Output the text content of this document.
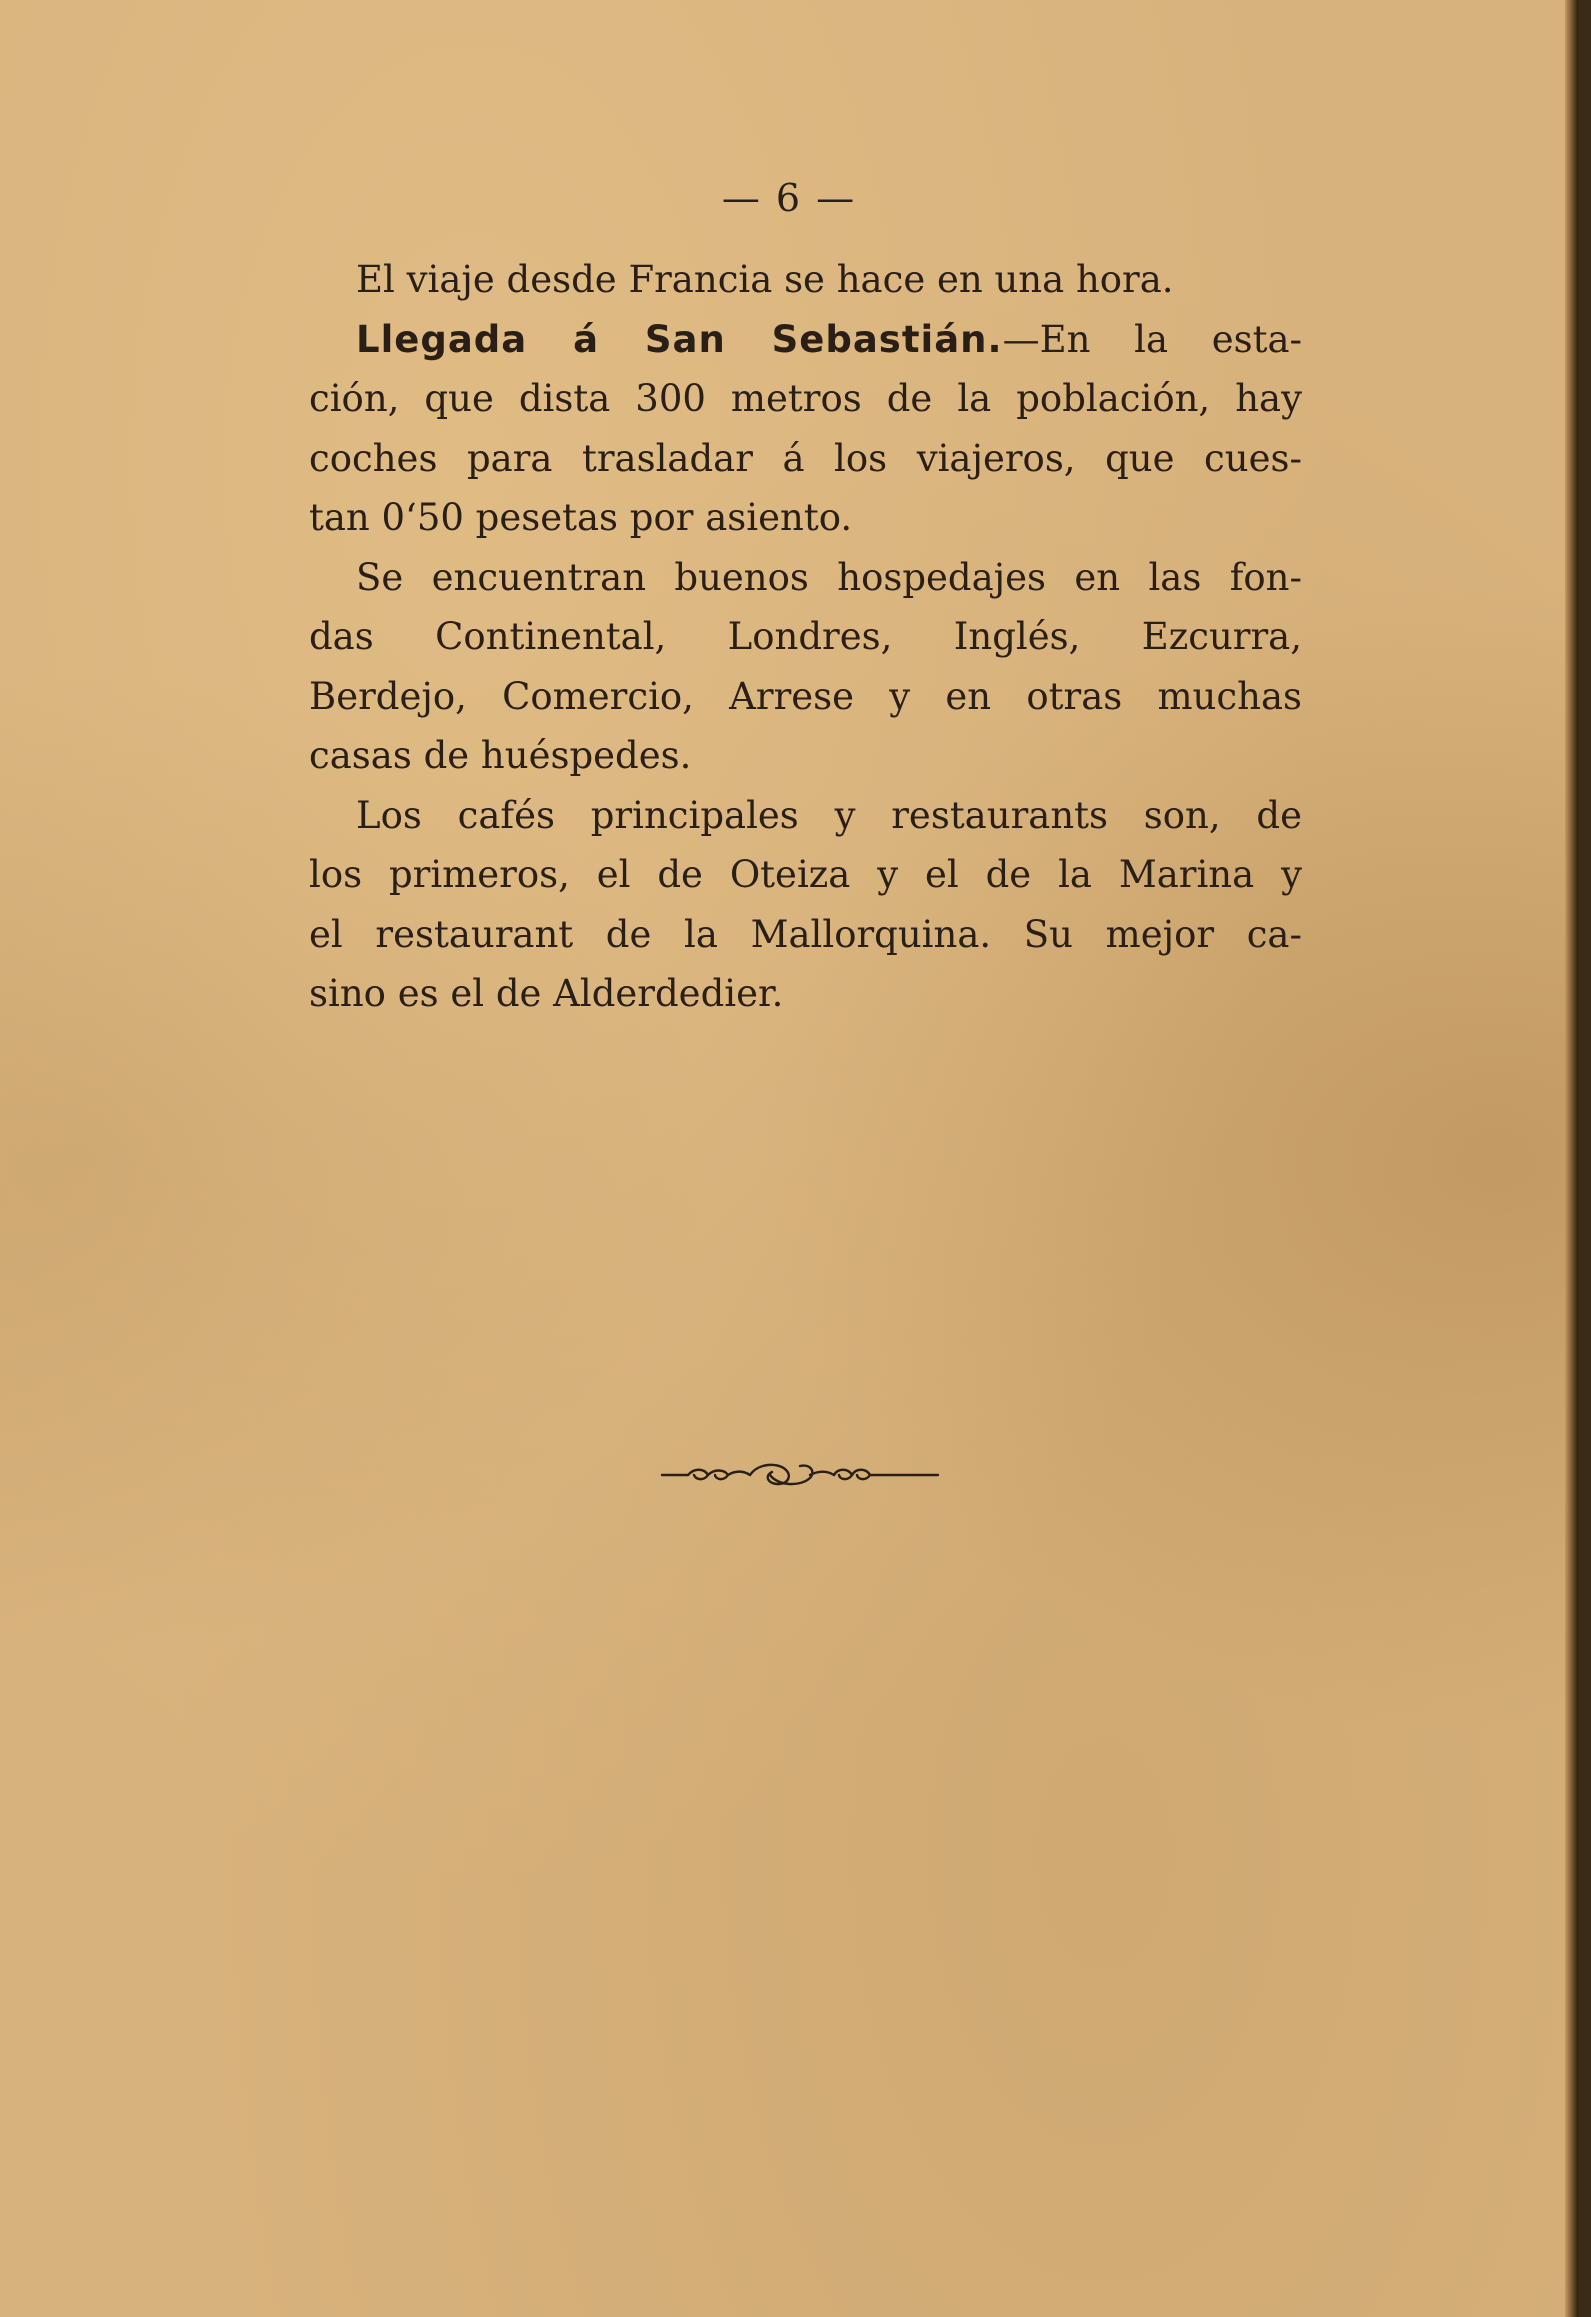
— 6 —
El viaje desde Francia se hace en una hora.
Llegada á San Sebastián.—En la esta-
ción, que dista 300 metros de la población, hay
coches para trasladar á los viajeros, que cues-
tan 0‘50 pesetas por asiento.
Se encuentran buenos hospedajes en las fon-
das Continental, Londres, Inglés, Ezcurra,
Berdejo, Comercio, Arrese y en otras muchas
casas de huéspedes.
Los cafés principales y restaurants son, de
los primeros, el de Oteiza y el de la Marina y
el restaurant de la Mallorquina. Su mejor ca-
sino es el de Alderdedier.
